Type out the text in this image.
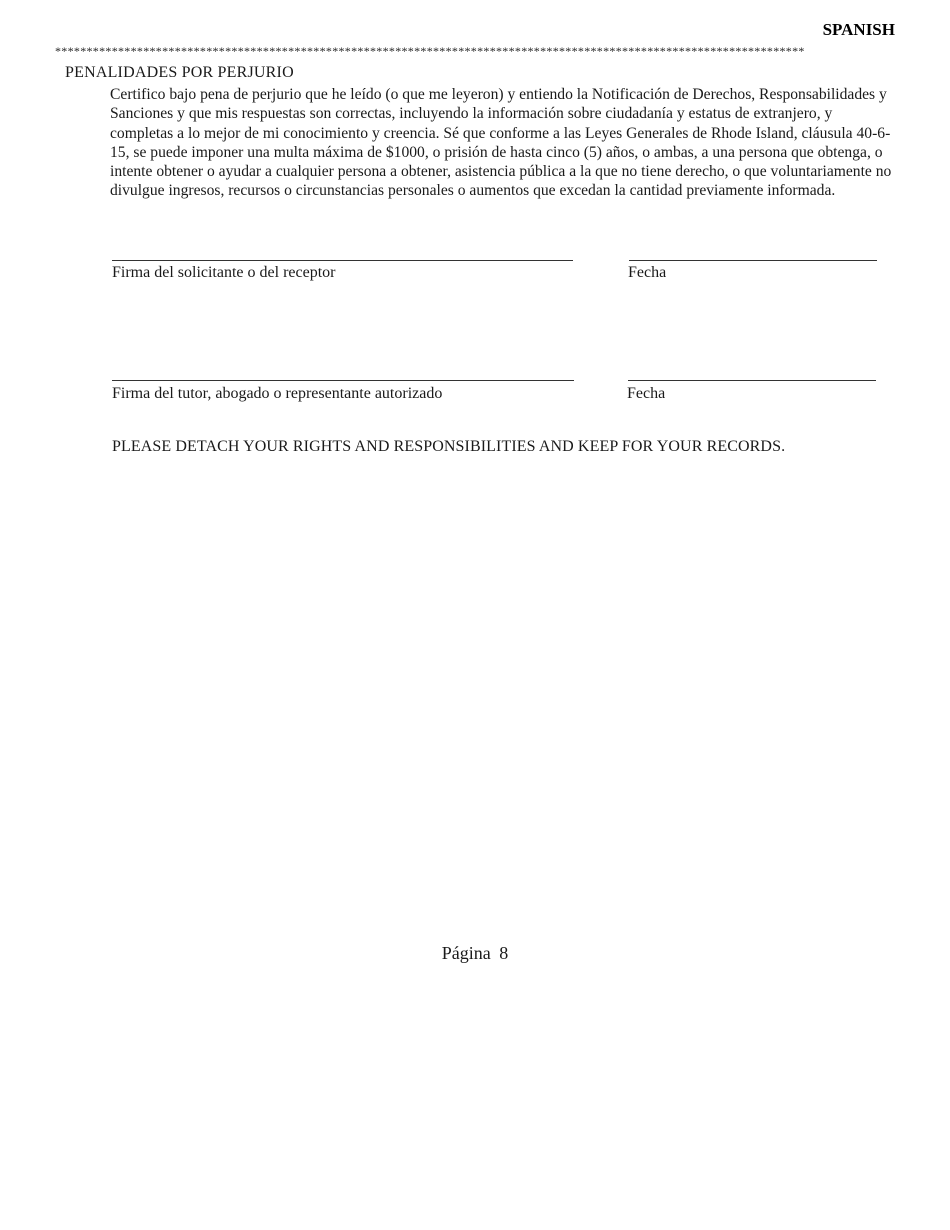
SPANISH
***********************************************************************************************************************
PENALIDADES POR PERJURIO

Certifico bajo pena de perjurio que he leído (o que me leyeron) y entiendo la Notificación de Derechos, Responsabilidades y Sanciones y que mis respuestas son correctas, incluyendo la información sobre ciudadanía y estatus de extranjero, y completas a lo mejor de mi conocimiento y creencia. Sé que conforme a las Leyes Generales de Rhode Island, cláusula 40-6-15, se puede imponer una multa máxima de $1000, o prisión de hasta cinco (5) años, o ambas, a una persona que obtenga, o intente obtener o ayudar a cualquier persona a obtener, asistencia pública a la que no tiene derecho, o que voluntariamente no divulgue ingresos, recursos o circunstancias personales o aumentos que excedan la cantidad previamente informada.

Firma del solicitante o del receptor	Fecha
Firma del tutor, abogado o representante autorizado	Fecha
PLEASE DETACH YOUR RIGHTS AND RESPONSIBILITIES AND KEEP FOR YOUR RECORDS.
Página 8
